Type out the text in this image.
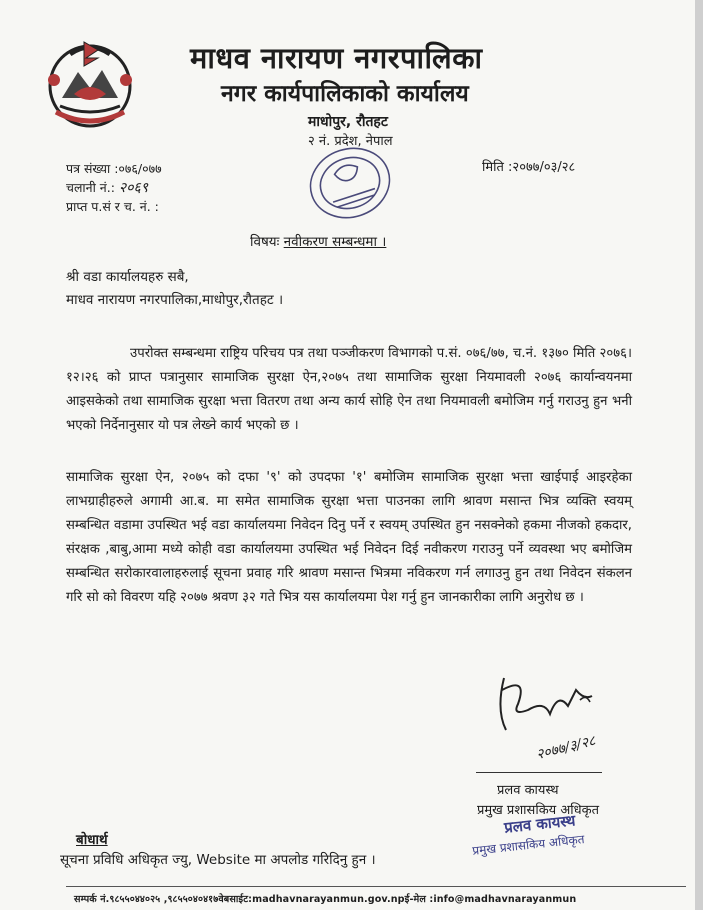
माधव नारायण नगरपालिका
नगर कार्यपालिकाको कार्यालय
माधोपुर, रौतहट
२ नं. प्रदेश, नेपाल
पत्र संख्या :०७६/०७७
चलानी नं.: २०६९
प्राप्त प.सं र च. नं. :
मिति :२०७७/०३/२८
विषयः नवीकरण सम्बन्धमा ।
श्री वडा कार्यालयहरु सबै,
माधव नारायण नगरपालिका,माधोपुर,रौतहट ।

उपरोक्त सम्बन्धमा राष्ट्रिय परिचय पत्र तथा पञ्जीकरण विभागको प.सं. ०७६/७७, च.नं. १३७० मिति २०७६।१२।२६ को प्राप्त पत्रानुसार सामाजिक सुरक्षा ऐन,२०७५ तथा सामाजिक सुरक्षा नियमावली २०७६ कार्यान्वयनमा आइसकेको तथा सामाजिक सुरक्षा भत्ता वितरण तथा अन्य कार्य सोहि ऐन तथा नियमावली बमोजिम गर्नु गराउनु हुन भनी भएको निर्देनानुसार यो पत्र लेख्ने कार्य भएको छ ।

सामाजिक सुरक्षा ऐन, २०७५ को दफा '९' को उपदफा '१' बमोजिम सामाजिक सुरक्षा भत्ता खाईपाई आइरहेका लाभग्राहीहरुले अगामी आ.ब. मा समेत सामाजिक सुरक्षा भत्ता पाउनका लागि श्रावण मसान्त भित्र व्यक्ति स्वयम् सम्बन्धित वडामा उपस्थित भई वडा कार्यालयमा निवेदन दिनु पर्ने र स्वयम् उपस्थित हुन नसक्नेको हकमा नीजको हकदार, संरक्षक ,बाबु,आमा मध्ये कोही वडा कार्यालयमा उपस्थित भई निवेदन दिई नवीकरण गराउनु पर्ने व्यवस्था भए बमोजिम सम्बन्धित सरोकारवालाहरुलाई सूचना प्रवाह गरि श्रावण मसान्त भित्रमा नविकरण गर्न लगाउनु हुन तथा निवेदन संकलन गरि सो को विवरण यहि २०७७ श्रवण ३२ गते भित्र यस कार्यालयमा पेश गर्नु हुन जानकारीका लागि अनुरोध छ ।

२०७७/३/२८
प्रलव कायस्थ
प्रमुख प्रशासकिय अधिकृत
प्रलव कायस्थ
प्रमुख प्रशासकिय अधिकृत
बोधार्थ
सूचना प्रविधि अधिकृत ज्यु, Website मा अपलोड गरिदिनु हुन ।
सम्पर्क नं.९८५५०४४०२५ ,९८५५०४०४१७वेबसाईट:madhavnarayanmun.gov.npई-मेल :info@madhavnarayanmun
